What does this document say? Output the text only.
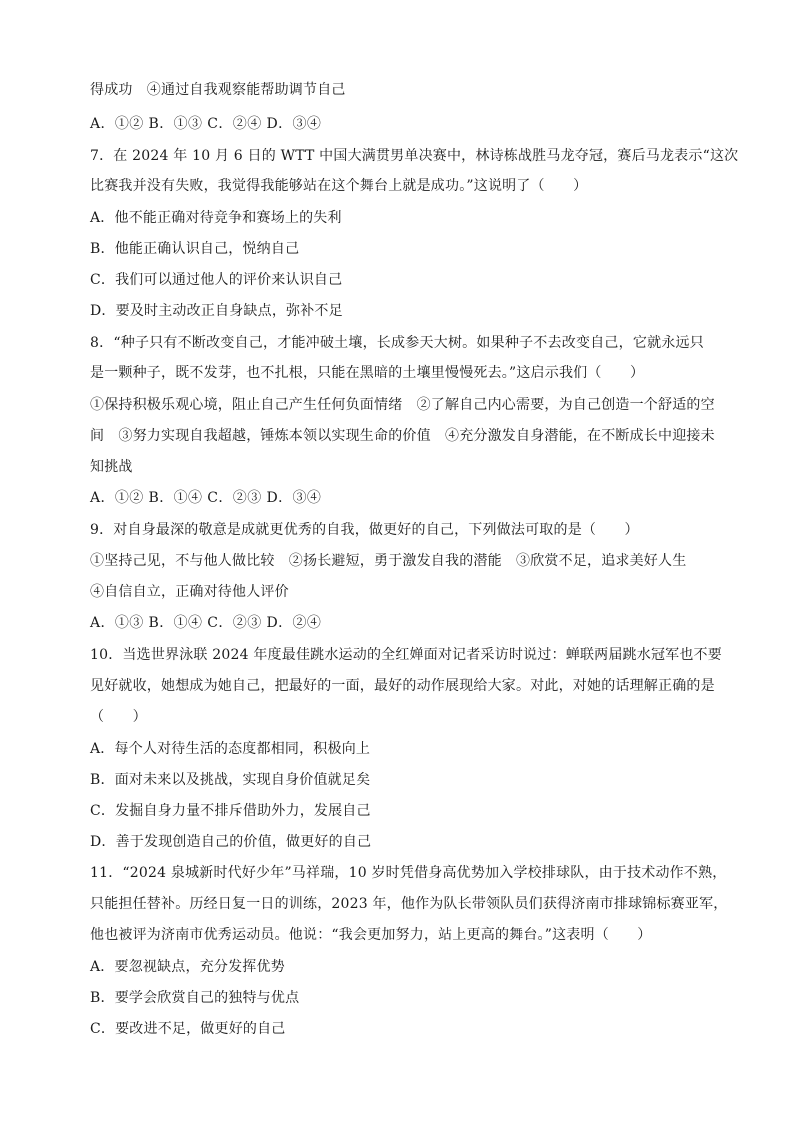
得成功　④通过自我观察能帮助调节自己
A．①② B．①③ C．②④ D．③④
7．在 2024 年 10 月 6 日的 WTT 中国大满贯男单决赛中，林诗栋战胜马龙夺冠，赛后马龙表示“这次
比赛我并没有失败，我觉得我能够站在这个舞台上就是成功。”这说明了（　　）
A．他不能正确对待竞争和赛场上的失利
B．他能正确认识自己，悦纳自己
C．我们可以通过他人的评价来认识自己
D．要及时主动改正自身缺点，弥补不足
8．“种子只有不断改变自己，才能冲破土壤，长成参天大树。如果种子不去改变自己，它就永远只
是一颗种子，既不发芽，也不扎根，只能在黑暗的土壤里慢慢死去。”这启示我们（　　）
①保持积极乐观心境，阻止自己产生任何负面情绪　②了解自己内心需要，为自己创造一个舒适的空
间　③努力实现自我超越，锤炼本领以实现生命的价值　④充分激发自身潜能，在不断成长中迎接未
知挑战
A．①② B．①④ C．②③ D．③④
9．对自身最深的敬意是成就更优秀的自我，做更好的自己，下列做法可取的是（　　）
①坚持己见，不与他人做比较　②扬长避短，勇于激发自我的潜能　③欣赏不足，追求美好人生
④自信自立，正确对待他人评价
A．①③ B．①④ C．②③ D．②④
10．当选世界泳联 2024 年度最佳跳水运动的全红婵面对记者采访时说过：蝉联两届跳水冠军也不要
见好就收，她想成为她自己，把最好的一面，最好的动作展现给大家。对此，对她的话理解正确的是
（　　）
A．每个人对待生活的态度都相同，积极向上
B．面对未来以及挑战，实现自身价值就足矣
C．发掘自身力量不排斥借助外力，发展自己
D．善于发现创造自己的价值，做更好的自己
11．“2024 泉城新时代好少年”马祥瑞，10 岁时凭借身高优势加入学校排球队，由于技术动作不熟，
只能担任替补。历经日复一日的训练，2023 年，他作为队长带领队员们获得济南市排球锦标赛亚军，
他也被评为济南市优秀运动员。他说：“我会更加努力，站上更高的舞台。”这表明（　　）
A．要忽视缺点，充分发挥优势
B．要学会欣赏自己的独特与优点
C．要改进不足，做更好的自己
